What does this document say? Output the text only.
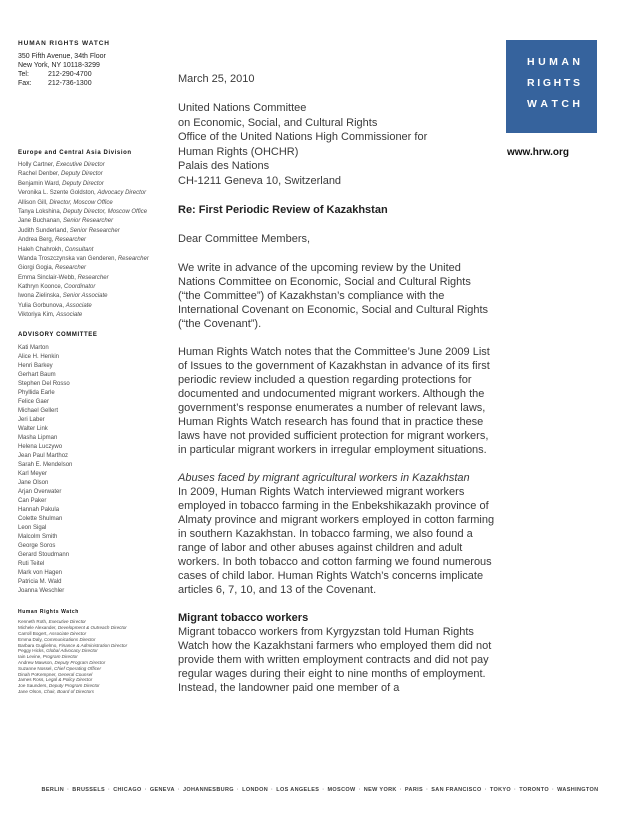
HUMAN RIGHTS WATCH
350 Fifth Avenue, 34th Floor
New York, NY 10118-3299
Tel:	212-290-4700
Fax:	212-736-1300
Europe and Central Asia Division
Holly Cartner, Executive Director
Rachel Denber, Deputy Director
Benjamin Ward, Deputy Director
Veronika L. Szente Goldston, Advocacy Director
Allison Gill, Director, Moscow Office
Tanya Lokshina, Deputy Director, Moscow Office
Jane Buchanan, Senior Researcher
Judith Sunderland, Senior Researcher
Andrea Berg, Researcher
Haleh Chahrokh, Consultant
Wanda Troszczynska van Genderen, Researcher
Giorgi Gogia, Researcher
Emma Sinclair-Webb, Researcher
Kathryn Koonce, Coordinator
Iwona Zielinska, Senior Associate
Yulia Gorbunova, Associate
Viktoriya Kim, Associate
ADVISORY COMMITTEE
Kati Marton
Alice H. Henkin
Henri Barkey
Gerhart Baum
Stephen Del Rosso
Phyllida Earle
Felice Gaer
Michael Gellert
Jeri Laber
Walter Link
Masha Lipman
Helena Luczywo
Jean Paul Marthoz
Sarah E. Mendelson
Karl Meyer
Jane Olson
Arjan Overwater
Can Paker
Hannah Pakula
Colette Shulman
Leon Sigal
Malcolm Smith
George Soros
Gerard Stoudmann
Ruti Teitel
Mark von Hagen
Patricia M. Wald
Joanna Weschler
Human Rights Watch
Kenneth Roth, Executive Director
Michele Alexander, Development & Outreach Director
Carroll Bogert, Associate Director
Emma Daly, Communications Director
Barbara Guglielmo, Finance & Administration Director
Peggy Hicks, Global Advocacy Director
Iain Levine, Program Director
Andrew Mawson, Deputy Program Director
Suzanne Nossel, Chief Operating Officer
Dinah PoKempner, General Counsel
James Ross, Legal & Policy Director
Joe Saunders, Deputy Program Director
Jane Olson, Chair, Board of Directors
H U M A N
R I G H T S
W A T C H
www.hrw.org
March 25, 2010
United Nations Committee
on Economic, Social, and Cultural Rights
Office of the United Nations High Commissioner for
Human Rights (OHCHR)
Palais des Nations
CH-1211 Geneva 10, Switzerland
Re: First Periodic Review of Kazakhstan
Dear Committee Members,

We write in advance of the upcoming review by the United Nations Committee on Economic, Social and Cultural Rights (“the Committee”) of Kazakhstan’s compliance with the International Covenant on Economic, Social and Cultural Rights (“the Covenant”).

Human Rights Watch notes that the Committee’s June 2009 List of Issues to the government of Kazakhstan in advance of its first periodic review included a question regarding protections for documented and undocumented migrant workers. Although the government’s response enumerates a number of relevant laws, Human Rights Watch research has found that in practice these laws have not provided sufficient protection for migrant workers, in particular migrant workers in irregular employment situations.

Abuses faced by migrant agricultural workers in Kazakhstan

In 2009, Human Rights Watch interviewed migrant workers employed in tobacco farming in the Enbekshikazakh province of Almaty province and migrant workers employed in cotton farming in southern Kazakhstan. In tobacco farming, we also found a range of labor and other abuses against children and adult workers. In both tobacco and cotton farming we found numerous cases of child labor. Human Rights Watch’s concerns implicate articles 6, 7, 10, and 13 of the Covenant.

Migrant tobacco workers

Migrant tobacco workers from Kyrgyzstan told Human Rights Watch how the Kazakhstani farmers who employed them did not provide them with written employment contracts and did not pay regular wages during their eight to nine months of employment. Instead, the landowner paid one member of a

BERLIN · BRUSSELS · CHICAGO · GENEVA · JOHANNESBURG · LONDON · LOS ANGELES · MOSCOW · NEW YORK · PARIS · SAN FRANCISCO · TOKYO · TORONTO · WASHINGTON
